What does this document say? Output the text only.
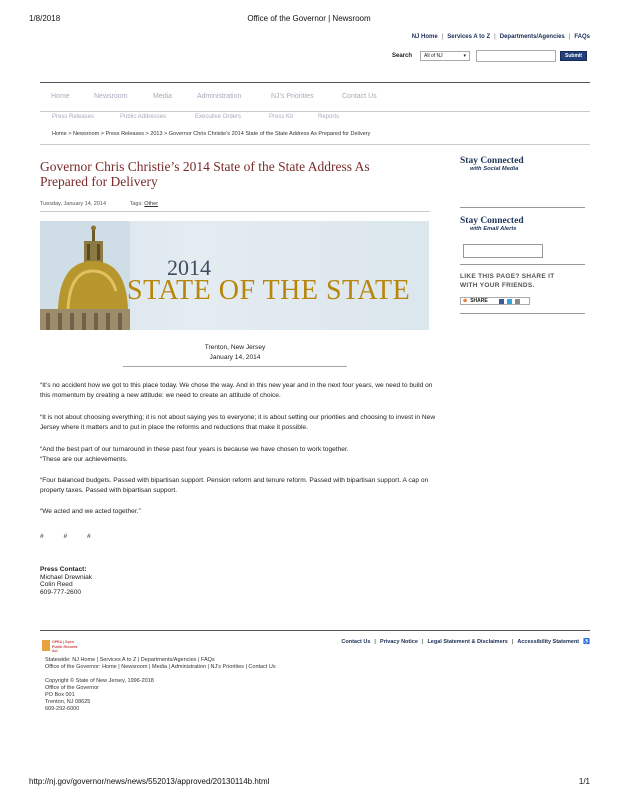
1/8/2018	Office of the Governor | Newsroom
NJ Home | Services A to Z | Departments/Agencies | FAQs
Search All of NJ	▾	Submit
Home	Newsroom	Media	Administration	NJ's Priorities	Contact Us
Press Releases	Public Addresses	Executive Orders	Press Kit	Reports
Home > Newsroom > Press Releases > 2013 > Governor Chris Christie's 2014 State of the State Address As Prepared for Delivery
Governor Chris Christie’s 2014 State of the State Address As Prepared for Delivery
Tuesday, January 14, 2014	Tags: Other
2014
STATE OF THE STATE
Trenton, New Jersey
January 14, 2014
_____________________________________________________________
“It’s no accident how we got to this place today. We chose the way. And in this new year and in the next four years, we need to build on this momentum by creating a new attitude: we need to create an attitude of choice.
“It is not about choosing everything; it is not about saying yes to everyone; it is about setting our priorities and choosing to invest in New Jersey where it matters and to put in place the reforms and reductions that make it possible.
“And the best part of our turnaround in these past four years is because we have chosen to work together.
“These are our achievements.
“Four balanced budgets. Passed with bipartisan support. Pension reform and tenure reform. Passed with bipartisan support. A cap on property taxes. Passed with bipartisan support.
“We acted and we acted together.”
#	#	#
Press Contact:
Michael Drewniak
Colin Reed
609-777-2600
Stay Connected
with Social Media
Stay Connected
with Email Alerts
LIKE THIS PAGE? SHARE IT
WITH YOUR FRIENDS.
⊕ SHARE
OPRA | Open Public Records Act
Contact Us | Privacy Notice | Legal Statement & Disclaimers | Accessibility Statement ♿
Statewide: NJ Home | Services A to Z | Departments/Agencies | FAQs
Office of the Governor: Home | Newsroom | Media | Administration | NJ's Priorities | Contact Us
Copyright © State of New Jersey, 1996-2018
Office of the Governor
PO Box 001
Trenton, NJ 08625
609-292-6000
http://nj.gov/governor/news/news/552013/approved/20130114b.html	1/1
